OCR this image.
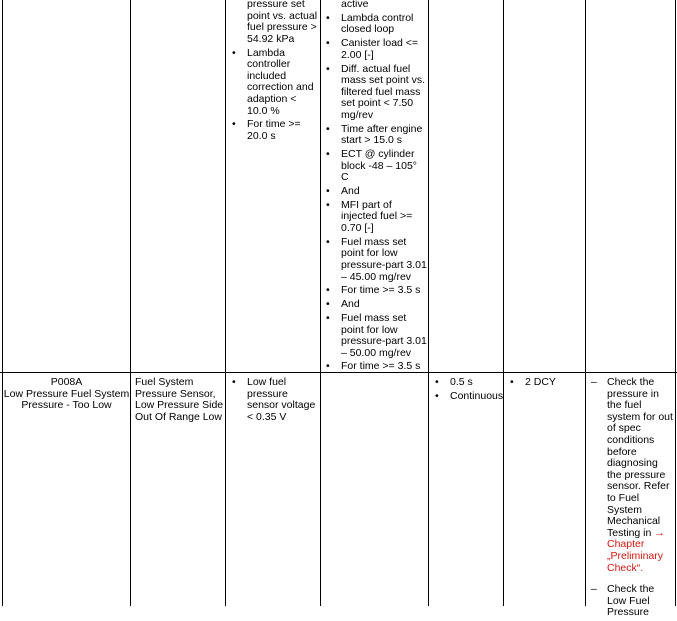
pressure set point vs. actual fuel pressure > 54.92 kPa
• Lambda controller included correction and adaption < 10.0 %
• For time >= 20.0 s
active
• Lambda control closed loop
• Canister load <= 2.00 [-]
• Diff. actual fuel mass set point vs. filtered fuel mass set point < 7.50 mg/rev
• Time after engine start > 15.0 s
• ECT @ cylinder block -48 – 105° C
• And
• MFI part of injected fuel >= 0.70 [-]
• Fuel mass set point for low pressure-part 3.01 – 45.00 mg/rev
• For time >= 3.5 s
• And
• Fuel mass set point for low pressure-part 3.01 – 50.00 mg/rev
• For time >= 3.5 s
P008A
Low Pressure Fuel System Pressure - Too Low
Fuel System Pressure Sensor, Low Pressure Side Out Of Range Low
• Low fuel pressure sensor voltage < 0.35 V
• 0.5 s
• Continuous
• 2 DCY
–	Check the pressure in the fuel system for out of spec conditions before diagnosing the pressure sensor. Refer to Fuel System Mechanical Testing in → Chapter „Preliminary Check“.
– Check the Low Fuel Pressure
